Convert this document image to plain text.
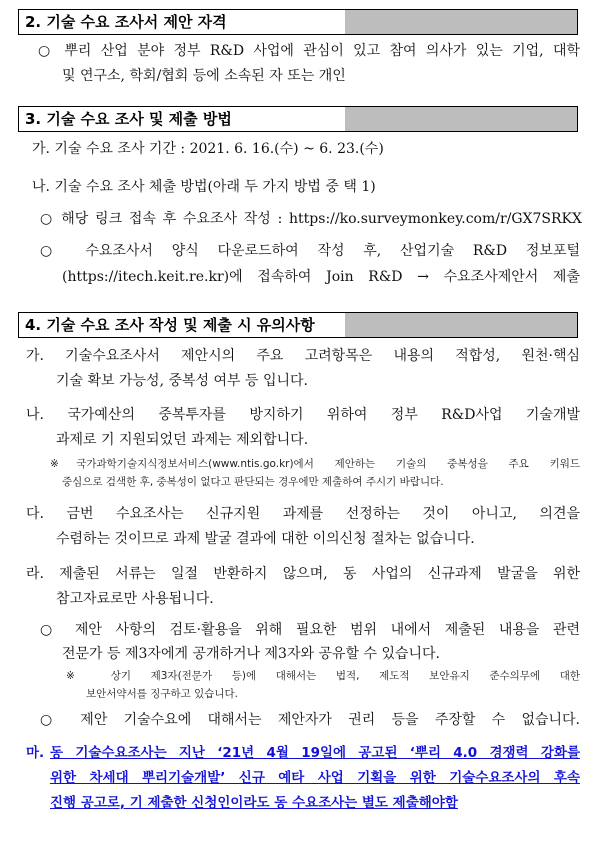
2. 기술 수요 조사서 제안 자격
○ 뿌리 산업 분야 정부 R&D 사업에 관심이 있고 참여 의사가 있는 기업, 대학
및 연구소, 학회/협회 등에 소속된 자 또는 개인
3. 기술 수요 조사 및 제출 방법
가. 기술 수요 조사 기간 : 2021. 6. 16.(수) ~ 6. 23.(수)
나. 기술 수요 조사 체출 방법(아래 두 가지 방법 중 택 1)
○ 해당 링크 접속 후 수요조사 작성 : https://ko.surveymonkey.com/r/GX7SRKX
○ 수요조사서 양식 다운로드하여 작성 후, 산업기술 R&D 정보포털
(https://itech.keit.re.kr)에 접속하여 Join R&D → 수요조사제안서 제출
4. 기술 수요 조사 작성 및 제출 시 유의사항
가. 기술수요조사서 제안시의 주요 고려항목은 내용의 적합성, 원천·핵심
기술 확보 가능성, 중복성 여부 등 입니다.
나. 국가예산의 중복투자를 방지하기 위하여 정부 R&D사업 기술개발
과제로 기 지원되었던 과제는 제외합니다.
※국가과학기술지식정보서비스(www.ntis.go.kr)에서 제안하는 기술의 중복성을 주요 키워드
중심으로 검색한 후, 중복성이 없다고 판단되는 경우에만 제출하여 주시기 바랍니다.
다. 금번 수요조사는 신규지원 과제를 선정하는 것이 아니고, 의견을
수렴하는 것이므로 과제 발굴 결과에 대한 이의신청 절차는 없습니다.
라. 제출된 서류는 일절 반환하지 않으며, 동 사업의 신규과제 발굴을 위한
참고자료로만 사용됩니다.
○ 제안 사항의 검토·활용을 위해 필요한 범위 내에서 제출된 내용을 관련
전문가 등 제3자에게 공개하거나 제3자와 공유할 수 있습니다.
※ 상기 제3자(전문가 등)에 대해서는 법적, 제도적 보안유지 준수의무에 대한
보안서약서를 징구하고 있습니다.
○ 제안 기술수요에 대해서는 제안자가 권리 등을 주장할 수 없습니다.
마. 동 기술수요조사는 지난 ‘21년 4월 19일에 공고된 ‘뿌리 4.0 경쟁력 강화를
위한 차세대 뿌리기술개발’ 신규 예타 사업 기획을 위한 기술수요조사의 후속
진행 공고로, 기 제출한 신청인이라도 동 수요조사는 별도 제출해야함
